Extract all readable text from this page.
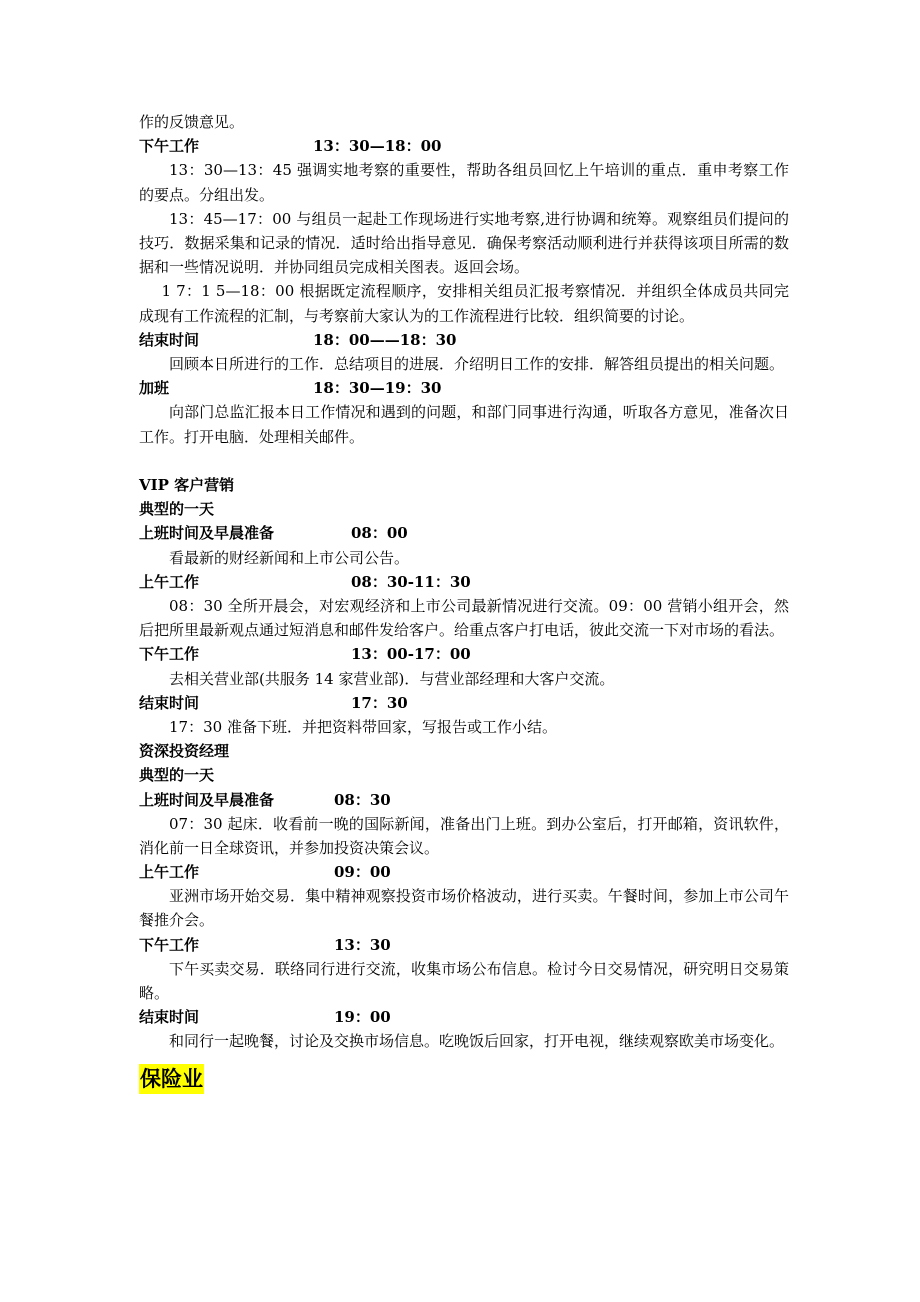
作的反馈意见。
下午工作	13：30—18：00
13：30—13：45 强调实地考察的重要性，帮助各组员回忆上午培训的重点．重申考察工作的要点。分组出发。
13：45—17：00 与组员一起赴工作现场进行实地考察,进行协调和统筹。观察组员们提问的技巧．数据采集和记录的情况．适时给出指导意见．确保考察活动顺利进行并获得该项目所需的数据和一些情况说明．并协同组员完成相关图表。返回会场。
1 7：1 5—18：00 根据既定流程顺序，安排相关组员汇报考察情况．并组织全体成员共同完成现有工作流程的汇制，与考察前大家认为的工作流程进行比较．组织简要的讨论。
结束时间	18：00——18：30
回顾本日所进行的工作．总结项目的进展．介绍明日工作的安排．解答组员提出的相关问题。
加班	18：30—19：30
向部门总监汇报本日工作情况和遇到的问题，和部门同事进行沟通，听取各方意见，准备次日工作。打开电脑．处理相关邮件。
VIP 客户营销
典型的一天
上班时间及早晨准备	08：00
看最新的财经新闻和上市公司公告。
上午工作	08：30-11：30
08：30 全所开晨会，对宏观经济和上市公司最新情况进行交流。09：00 营销小组开会，然后把所里最新观点通过短消息和邮件发给客户。给重点客户打电话，彼此交流一下对市场的看法。
下午工作	13：00-17：00
去相关营业部(共服务 14 家营业部)．与营业部经理和大客户交流。
结束时间	17：30
17：30 准备下班．并把资料带回家，写报告或工作小结。
资深投资经理
典型的一天
上班时间及早晨准备	08：30
07：30 起床．收看前一晚的国际新闻，准备出门上班。到办公室后，打开邮箱，资讯软件，消化前一日全球资讯，并参加投资决策会议。
上午工作	09：00
亚洲市场开始交易．集中精神观察投资市场价格波动，进行买卖。午餐时间，参加上市公司午餐推介会。
下午工作	13：30
下午买卖交易．联络同行进行交流，收集市场公布信息。检讨今日交易情况，研究明日交易策略。
结束时间	19：00
和同行一起晚餐，讨论及交换市场信息。吃晚饭后回家，打开电视，继续观察欧美市场变化。
保险业
